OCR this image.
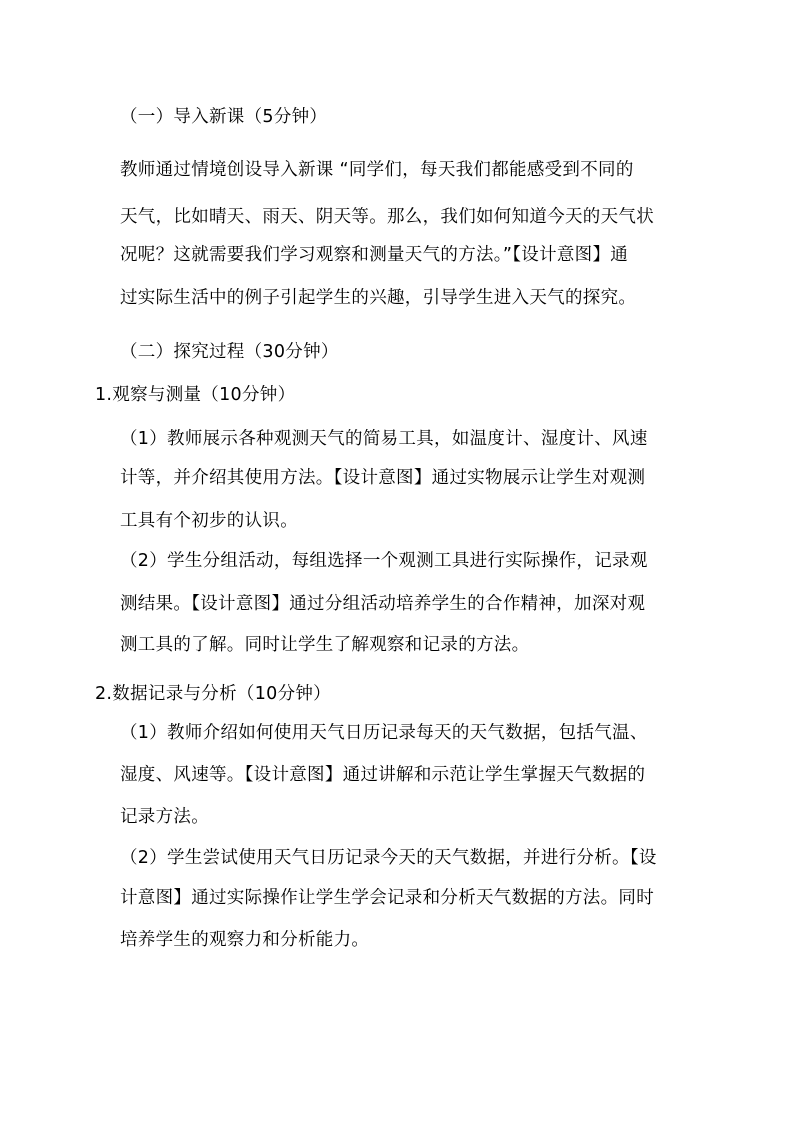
（一）导入新课（5分钟）
教师通过情境创设导入新课 “同学们，每天我们都能感受到不同的
天气，比如晴天、雨天、阴天等。那么，我们如何知道今天的天气状
况呢？这就需要我们学习观察和测量天气的方法。”【设计意图】通
过实际生活中的例子引起学生的兴趣，引导学生进入天气的探究。
（二）探究过程（30分钟）
1.观察与测量（10分钟）
（1）教师展示各种观测天气的简易工具，如温度计、湿度计、风速
计等，并介绍其使用方法。【设计意图】通过实物展示让学生对观测
工具有个初步的认识。
（2）学生分组活动，每组选择一个观测工具进行实际操作，记录观
测结果。【设计意图】通过分组活动培养学生的合作精神，加深对观
测工具的了解。同时让学生了解观察和记录的方法。
2.数据记录与分析（10分钟）
（1）教师介绍如何使用天气日历记录每天的天气数据，包括气温、
湿度、风速等。【设计意图】通过讲解和示范让学生掌握天气数据的
记录方法。
（2）学生尝试使用天气日历记录今天的天气数据，并进行分析。【设
计意图】通过实际操作让学生学会记录和分析天气数据的方法。同时
培养学生的观察力和分析能力。
